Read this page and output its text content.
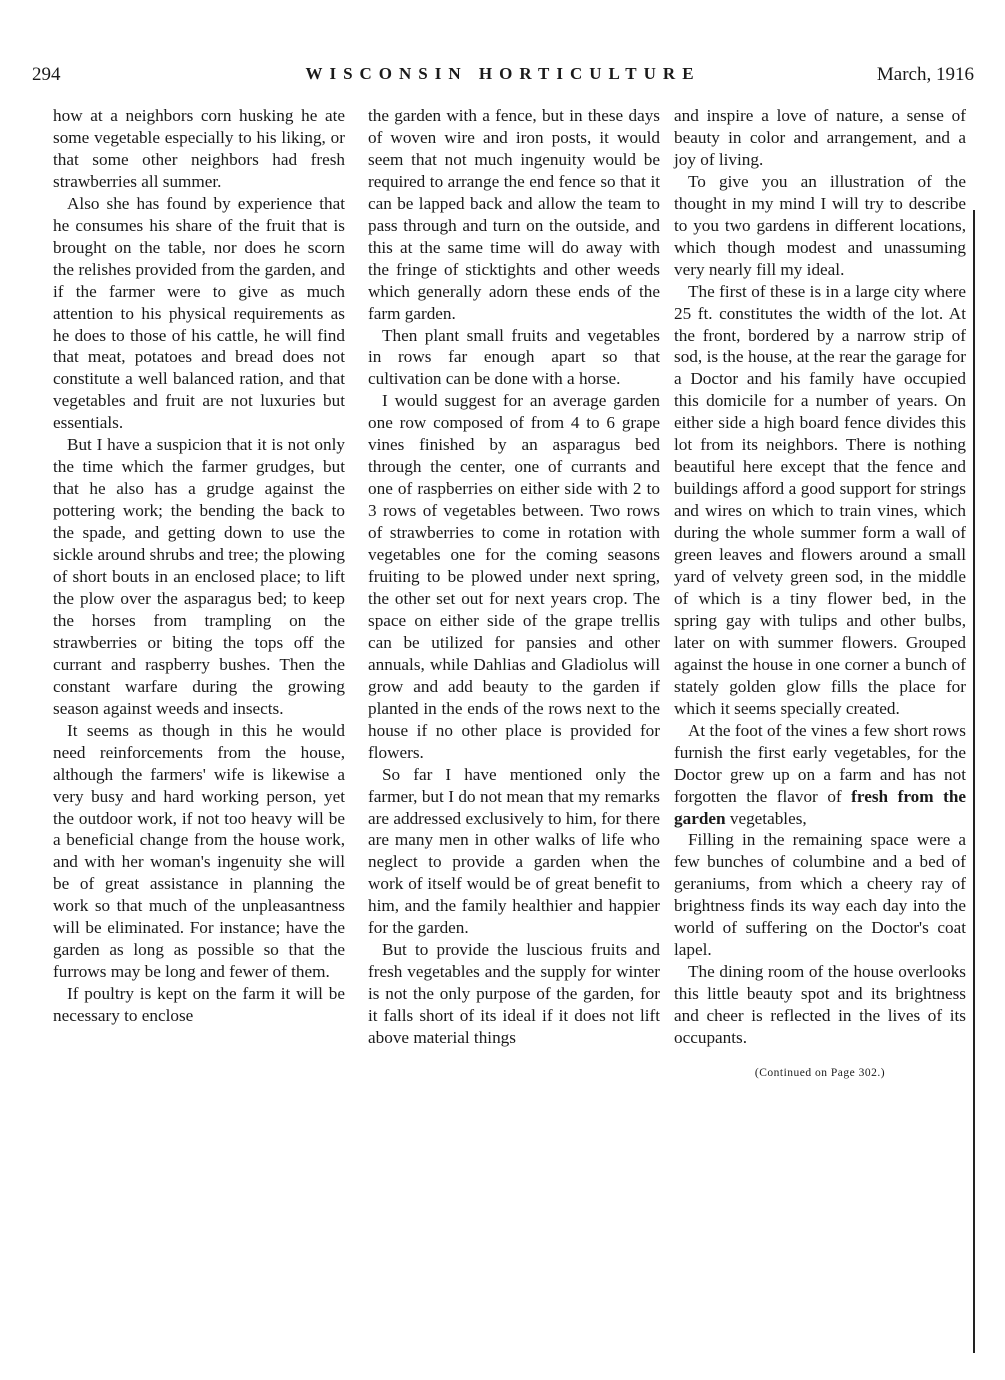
294	WISCONSIN HORTICULTURE	March, 1916

how at a neighbors corn husking he ate some vegetable especially to his liking, or that some other neighbors had fresh strawberries all summer.

Also she has found by experience that he consumes his share of the fruit that is brought on the table, nor does he scorn the relishes provided from the garden, and if the farmer were to give as much attention to his physical requirements as he does to those of his cattle, he will find that meat, potatoes and bread does not constitute a well balanced ration, and that vegetables and fruit are not luxuries but essentials.

But I have a suspicion that it is not only the time which the farmer grudges, but that he also has a grudge against the pottering work; the bending the back to the spade, and getting down to use the sickle around shrubs and tree; the plowing of short bouts in an enclosed place; to lift the plow over the asparagus bed; to keep the horses from trampling on the strawberries or biting the tops off the currant and raspberry bushes. Then the constant warfare during the growing season against weeds and insects.

It seems as though in this he would need reinforcements from the house, although the farmers' wife is likewise a very busy and hard working person, yet the outdoor work, if not too heavy will be a beneficial change from the house work, and with her woman's ingenuity she will be of great assistance in planning the work so that much of the unpleasantness will be eliminated. For instance; have the garden as long as possible so that the furrows may be long and fewer of them.

If poultry is kept on the farm it will be necessary to enclose

the garden with a fence, but in these days of woven wire and iron posts, it would seem that not much ingenuity would be required to arrange the end fence so that it can be lapped back and allow the team to pass through and turn on the outside, and this at the same time will do away with the fringe of sticktights and other weeds which generally adorn these ends of the farm garden.

Then plant small fruits and vegetables in rows far enough apart so that cultivation can be done with a horse.

I would suggest for an average garden one row composed of from 4 to 6 grape vines finished by an asparagus bed through the center, one of currants and one of raspberries on either side with 2 to 3 rows of vegetables between. Two rows of strawberries to come in rotation with vegetables one for the coming seasons fruiting to be plowed under next spring, the other set out for next years crop. The space on either side of the grape trellis can be utilized for pansies and other annuals, while Dahlias and Gladiolus will grow and add beauty to the garden if planted in the ends of the rows next to the house if no other place is provided for flowers.

So far I have mentioned only the farmer, but I do not mean that my remarks are addressed exclusively to him, for there are many men in other walks of life who neglect to provide a garden when the work of itself would be of great benefit to him, and the family healthier and happier for the garden.

But to provide the luscious fruits and fresh vegetables and the supply for winter is not the only purpose of the garden, for it falls short of its ideal if it does not lift above material things

and inspire a love of nature, a sense of beauty in color and arrangement, and a joy of living.

To give you an illustration of the thought in my mind I will try to describe to you two gardens in different locations, which though modest and unassuming very nearly fill my ideal.

The first of these is in a large city where 25 ft. constitutes the width of the lot. At the front, bordered by a narrow strip of sod, is the house, at the rear the garage for a Doctor and his family have occupied this domicile for a number of years. On either side a high board fence divides this lot from its neighbors. There is nothing beautiful here except that the fence and buildings afford a good support for strings and wires on which to train vines, which during the whole summer form a wall of green leaves and flowers around a small yard of velvety green sod, in the middle of which is a tiny flower bed, in the spring gay with tulips and other bulbs, later on with summer flowers. Grouped against the house in one corner a bunch of stately golden glow fills the place for which it seems specially created.

At the foot of the vines a few short rows furnish the first early vegetables, for the Doctor grew up on a farm and has not forgotten the flavor of fresh from the garden vegetables,

Filling in the remaining space were a few bunches of columbine and a bed of geraniums, from which a cheery ray of brightness finds its way each day into the world of suffering on the Doctor's coat lapel.

The dining room of the house overlooks this little beauty spot and its brightness and cheer is reflected in the lives of its occupants.

(Continued on Page 302.)
